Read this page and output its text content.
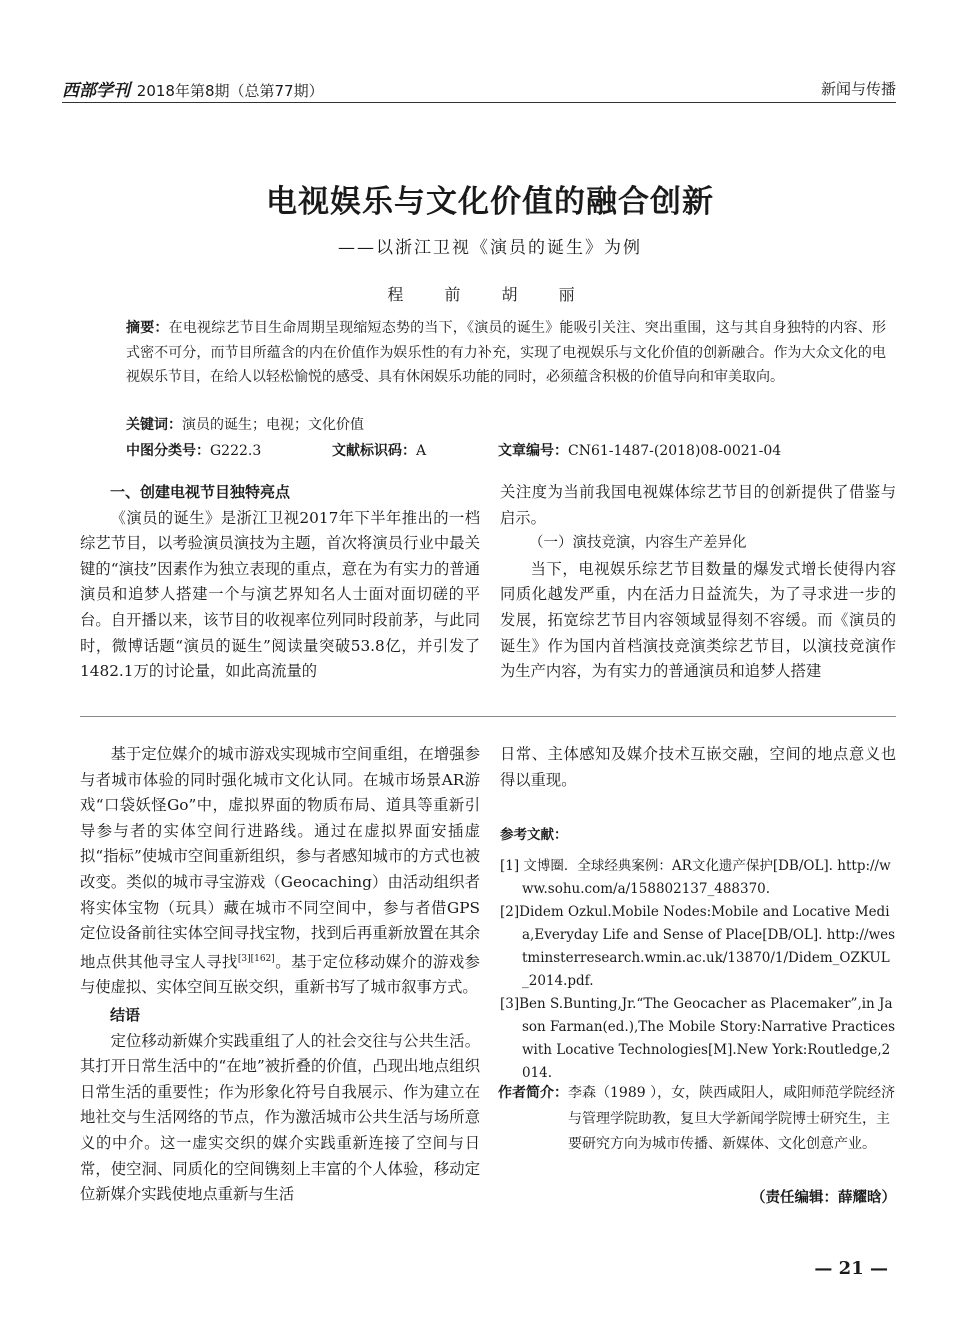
西部学刊 2018年第8期（总第77期）	新闻与传播
电视娱乐与文化价值的融合创新
——以浙江卫视《演员的诞生》为例
程 前 胡 丽
摘要：在电视综艺节目生命周期呈现缩短态势的当下，《演员的诞生》能吸引关注、突出重围，这与其自身独特的内容、形式密不可分，而节目所蕴含的内在价值作为娱乐性的有力补充，实现了电视娱乐与文化价值的创新融合。作为大众文化的电视娱乐节目，在给人以轻松愉悦的感受、具有休闲娱乐功能的同时，必须蕴含积极的价值导向和审美取向。
关键词：演员的诞生；电视；文化价值
中图分类号：G222.3	文献标识码：A	文章编号：CN61-1487-(2018)08-0021-04

一、创建电视节目独特亮点

《演员的诞生》是浙江卫视2017年下半年推出的一档综艺节目，以考验演员演技为主题，首次将演员行业中最关键的“演技”因素作为独立表现的重点，意在为有实力的普通演员和追梦人搭建一个与演艺界知名人士面对面切磋的平台。自开播以来，该节目的收视率位列同时段前茅，与此同时，微博话题“演员的诞生”阅读量突破53.8亿，并引发了1482.1万的讨论量，如此高流量的

关注度为当前我国电视媒体综艺节目的创新提供了借鉴与启示。

（一）演技竞演，内容生产差异化

当下，电视娱乐综艺节目数量的爆发式增长使得内容同质化越发严重，内在活力日益流失，为了寻求进一步的发展，拓宽综艺节目内容领域显得刻不容缓。而《演员的诞生》作为国内首档演技竞演类综艺节目，以演技竞演作为生产内容，为有实力的普通演员和追梦人搭建

基于定位媒介的城市游戏实现城市空间重组，在增强参与者城市体验的同时强化城市文化认同。在城市场景AR游戏“口袋妖怪Go”中，虚拟界面的物质布局、道具等重新引导参与者的实体空间行进路线。通过在虚拟界面安插虚拟“指标”使城市空间重新组织，参与者感知城市的方式也被改变。类似的城市寻宝游戏（Geocaching）由活动组织者将实体宝物（玩具）藏在城市不同空间中，参与者借GPS定位设备前往实体空间寻找宝物，找到后再重新放置在其余地点供其他寻宝人寻找[3][162]。基于定位移动媒介的游戏参与使虚拟、实体空间互嵌交织，重新书写了城市叙事方式。

结语

定位移动新媒介实践重组了人的社会交往与公共生活。其打开日常生活中的“在地”被折叠的价值，凸现出地点组织日常生活的重要性；作为形象化符号自我展示、作为建立在地社交与生活网络的节点，作为激活城市公共生活与场所意义的中介。这一虚实交织的媒介实践重新连接了空间与日常，使空洞、同质化的空间镌刻上丰富的个人体验，移动定位新媒介实践使地点重新与生活

日常、主体感知及媒介技术互嵌交融，空间的地点意义也得以重现。

参考文献：

[1] 文博圈．全球经典案例：AR文化遗产保护[DB/OL]. http://www.sohu.com/a/158802137_488370.

[2]Didem Ozkul.Mobile Nodes:Mobile and Locative Media,Everyday Life and Sense of Place[DB/OL]. http://westminsterresearch.wmin.ac.uk/13870/1/Didem_OZKUL_2014.pdf.

[3]Ben S.Bunting,Jr.“The Geocacher as Placemaker”,in Jason Farman(ed.),The Mobile Story:Narrative Practices with Locative Technologies[M].New York:Routledge,2014.

作者简介： 李森（1989 ），女，陕西咸阳人，咸阳师范学院经济与管理学院助教，复旦大学新闻学院博士研究生，主要研究方向为城市传播、新媒体、文化创意产业。
（责任编辑：薛耀晗）
— 21 —
